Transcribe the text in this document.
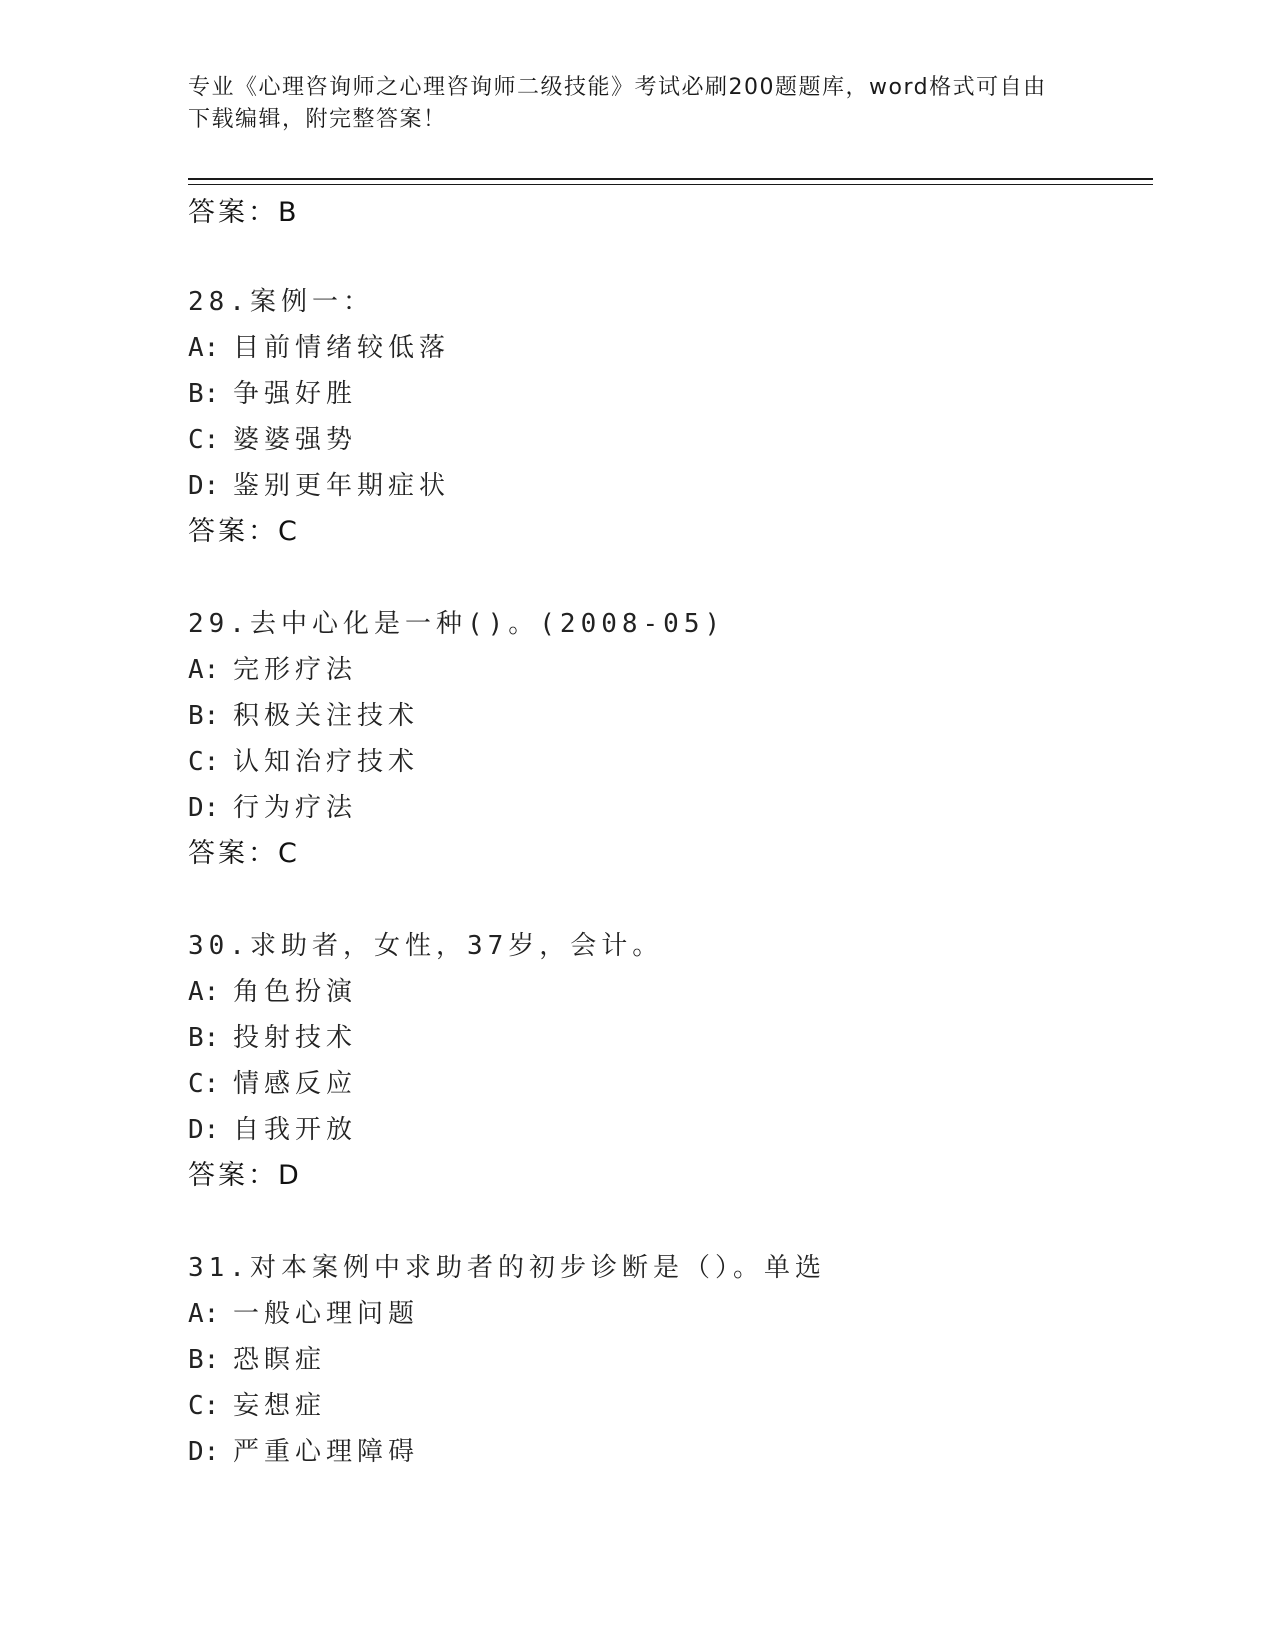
专业《心理咨询师之心理咨询师二级技能》考试必刷200题题库，word格式可自由下载编辑，附完整答案！
答案：B
28.案例一：
A: 目前情绪较低落
B: 争强好胜
C: 婆婆强势
D: 鉴别更年期症状
答案：C
29.去中心化是一种()。(2008-05)
A: 完形疗法
B: 积极关注技术
C: 认知治疗技术
D: 行为疗法
答案：C
30.求助者，女性，37岁，会计。
A: 角色扮演
B: 投射技术
C: 情感反应
D: 自我开放
答案：D
31.对本案例中求助者的初步诊断是（）。单选
A: 一般心理问题
B: 恐瞑症
C: 妄想症
D: 严重心理障碍
